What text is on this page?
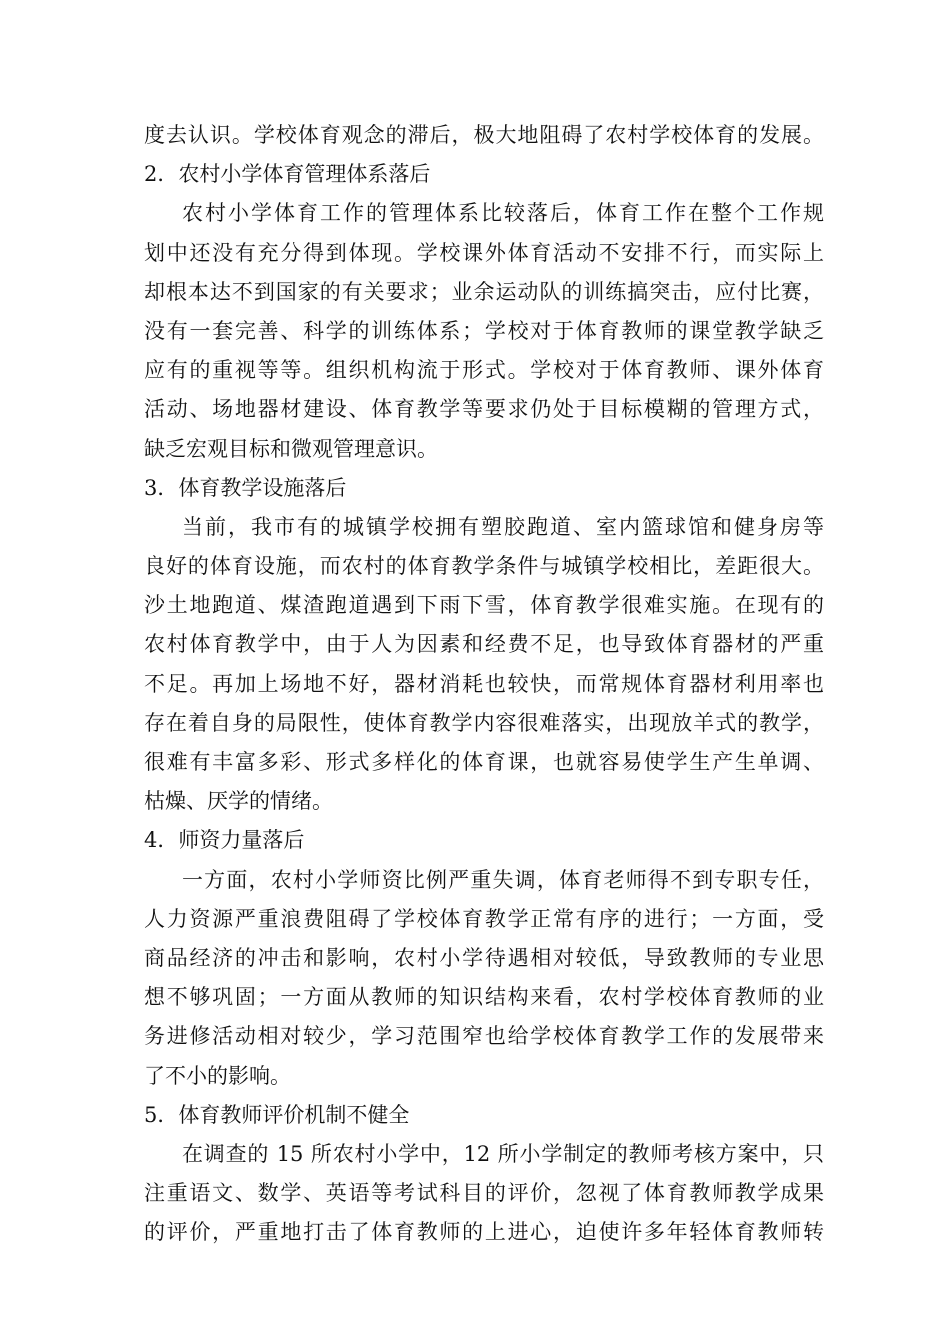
度去认识。学校体育观念的滞后，极大地阻碍了农村学校体育的发展。
2．农村小学体育管理体系落后
农村小学体育工作的管理体系比较落后，体育工作在整个工作规
划中还没有充分得到体现。学校课外体育活动不安排不行，而实际上
却根本达不到国家的有关要求；业余运动队的训练搞突击，应付比赛，
没有一套完善、科学的训练体系；学校对于体育教师的课堂教学缺乏
应有的重视等等。组织机构流于形式。学校对于体育教师、课外体育
活动、场地器材建设、体育教学等要求仍处于目标模糊的管理方式，
缺乏宏观目标和微观管理意识。
3．体育教学设施落后
当前，我市有的城镇学校拥有塑胶跑道、室内篮球馆和健身房等
良好的体育设施，而农村的体育教学条件与城镇学校相比，差距很大。
沙土地跑道、煤渣跑道遇到下雨下雪，体育教学很难实施。在现有的
农村体育教学中，由于人为因素和经费不足，也导致体育器材的严重
不足。再加上场地不好，器材消耗也较快，而常规体育器材利用率也
存在着自身的局限性，使体育教学内容很难落实，出现放羊式的教学，
很难有丰富多彩、形式多样化的体育课，也就容易使学生产生单调、
枯燥、厌学的情绪。
4．师资力量落后
一方面，农村小学师资比例严重失调，体育老师得不到专职专任，
人力资源严重浪费阻碍了学校体育教学正常有序的进行；一方面，受
商品经济的冲击和影响，农村小学待遇相对较低，导致教师的专业思
想不够巩固；一方面从教师的知识结构来看，农村学校体育教师的业
务进修活动相对较少，学习范围窄也给学校体育教学工作的发展带来
了不小的影响。
5．体育教师评价机制不健全
在调查的 15 所农村小学中，12 所小学制定的教师考核方案中，只
注重语文、数学、英语等考试科目的评价，忽视了体育教师教学成果
的评价，严重地打击了体育教师的上进心，迫使许多年轻体育教师转
